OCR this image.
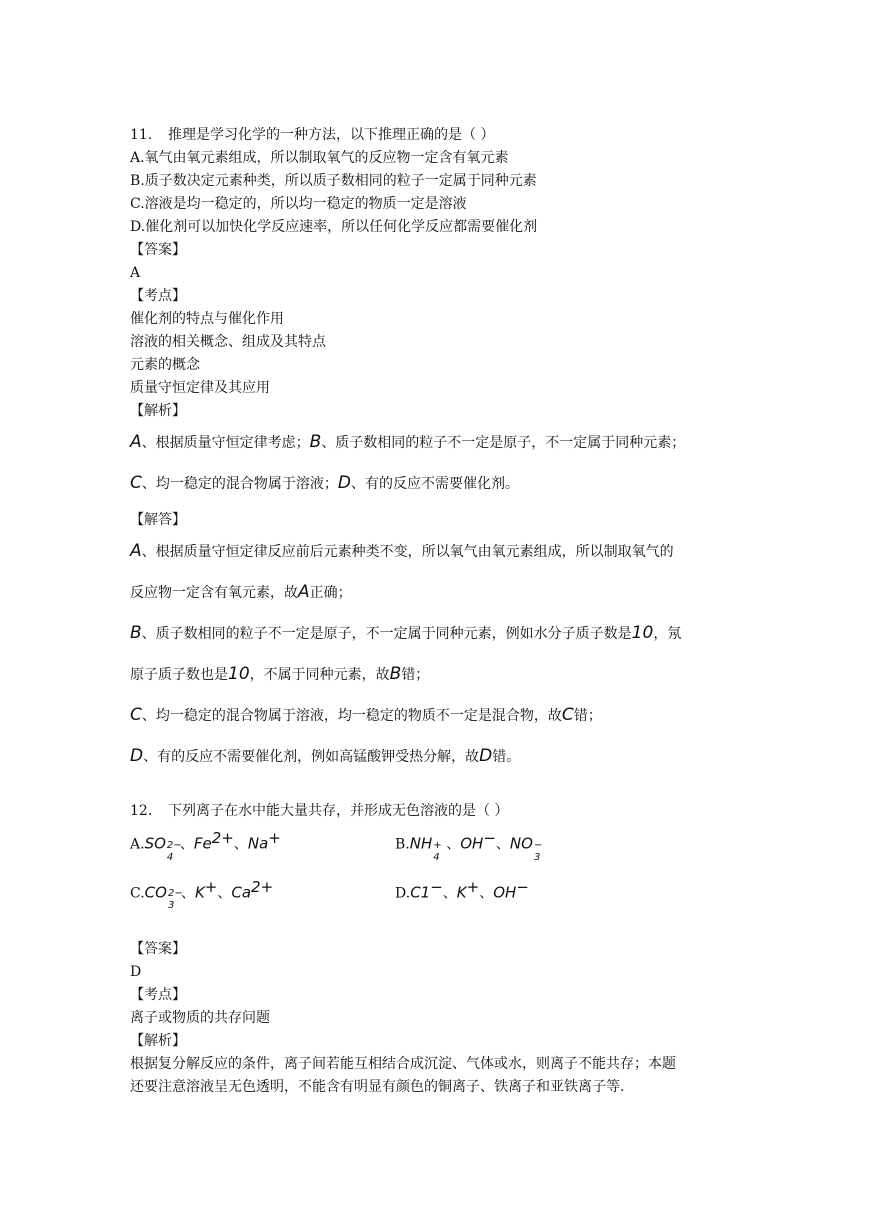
11. 推理是学习化学的一种方法，以下推理正确的是（ ）
A.氧气由氧元素组成，所以制取氧气的反应物一定含有氧元素
B.质子数决定元素种类，所以质子数相同的粒子一定属于同种元素
C.溶液是均一稳定的，所以均一稳定的物质一定是溶液
D.催化剂可以加快化学反应速率，所以任何化学反应都需要催化剂
【答案】
A
【考点】
催化剂的特点与催化作用
溶液的相关概念、组成及其特点
元素的概念
质量守恒定律及其应用
【解析】
A、根据质量守恒定律考虑；B、质子数相同的粒子不一定是原子，不一定属于同种元素；
C、均一稳定的混合物属于溶液；D、有的反应不需要催化剂。
【解答】
A、根据质量守恒定律反应前后元素种类不变，所以氧气由氧元素组成，所以制取氧气的
反应物一定含有氧元素，故A正确；
B、质子数相同的粒子不一定是原子，不一定属于同种元素，例如水分子质子数是10，氖
原子质子数也是10，不属于同种元素，故B错；
C、均一稳定的混合物属于溶液，均一稳定的物质不一定是混合物，故C错；
D、有的反应不需要催化剂，例如高锰酸钾受热分解，故D错。
12. 下列离子在水中能大量共存，并形成无色溶液的是（ ）
A.SO 2−
4
、$Fe^{2+}$、Na+	B.NH +
4
、OH−、NO −
3
C.CO 2−
3
、K+、$Ca^{2+}$	D.C1−、K+、OH−
【答案】
D
【考点】
离子或物质的共存问题
【解析】
根据复分解反应的条件，离子间若能互相结合成沉淀、气体或水，则离子不能共存；本题
还要注意溶液呈无色透明，不能含有明显有颜色的铜离子、铁离子和亚铁离子等.
